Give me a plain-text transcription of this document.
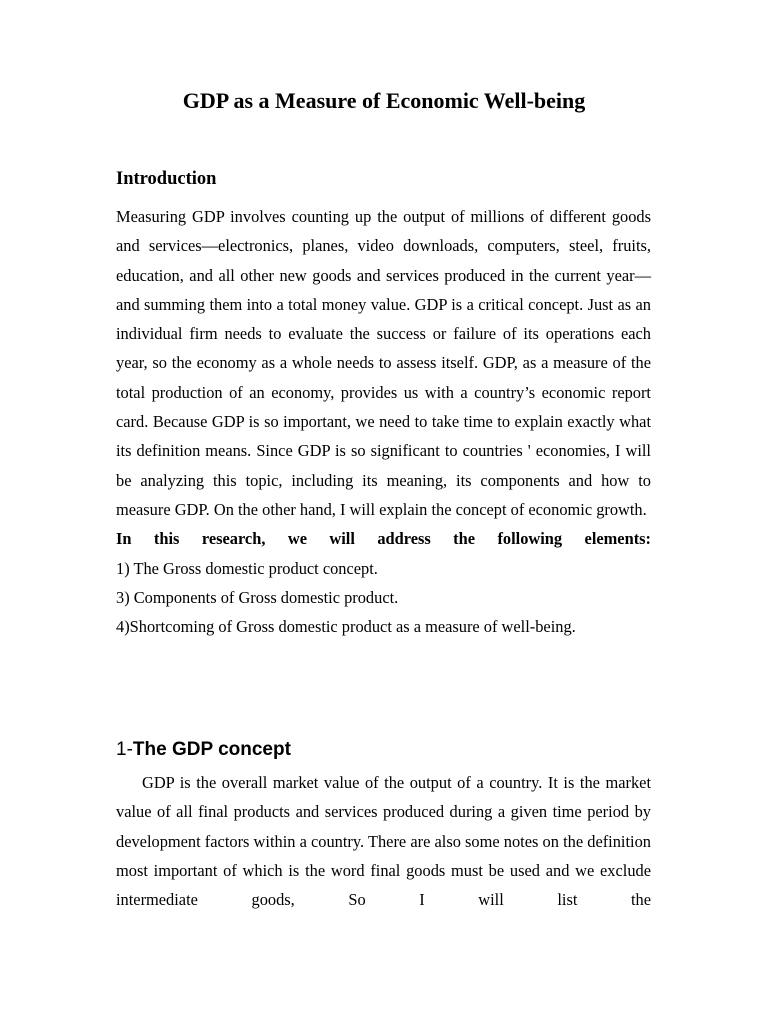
GDP as a Measure of Economic Well-being
Introduction

Measuring GDP involves counting up the output of millions of different goods and services—electronics, planes, video downloads, computers, steel, fruits, education, and all other new goods and services produced in the current year—and summing them into a total money value. GDP is a critical concept. Just as an individual firm needs to evaluate the success or failure of its operations each year, so the economy as a whole needs to assess itself. GDP, as a measure of the total production of an economy, provides us with a country’s economic report card. Because GDP is so important, we need to take time to explain exactly what its definition means. Since GDP is so significant to countries ' economies, I will be analyzing this topic, including its meaning, its components and how to measure GDP. On the other hand, I will explain the concept of economic growth.

In this research, we will address the following elements:

1) The Gross domestic product concept.

3) Components of Gross domestic product.

4)Shortcoming of Gross domestic product as a measure of well-being.

1-The GDP concept

GDP is the overall market value of the output of a country. It is the market value of all final products and services produced during a given time period by development factors within a country. There are also some notes on the definition most important of which is the word final goods must be used and we exclude intermediate goods, So I will list the
